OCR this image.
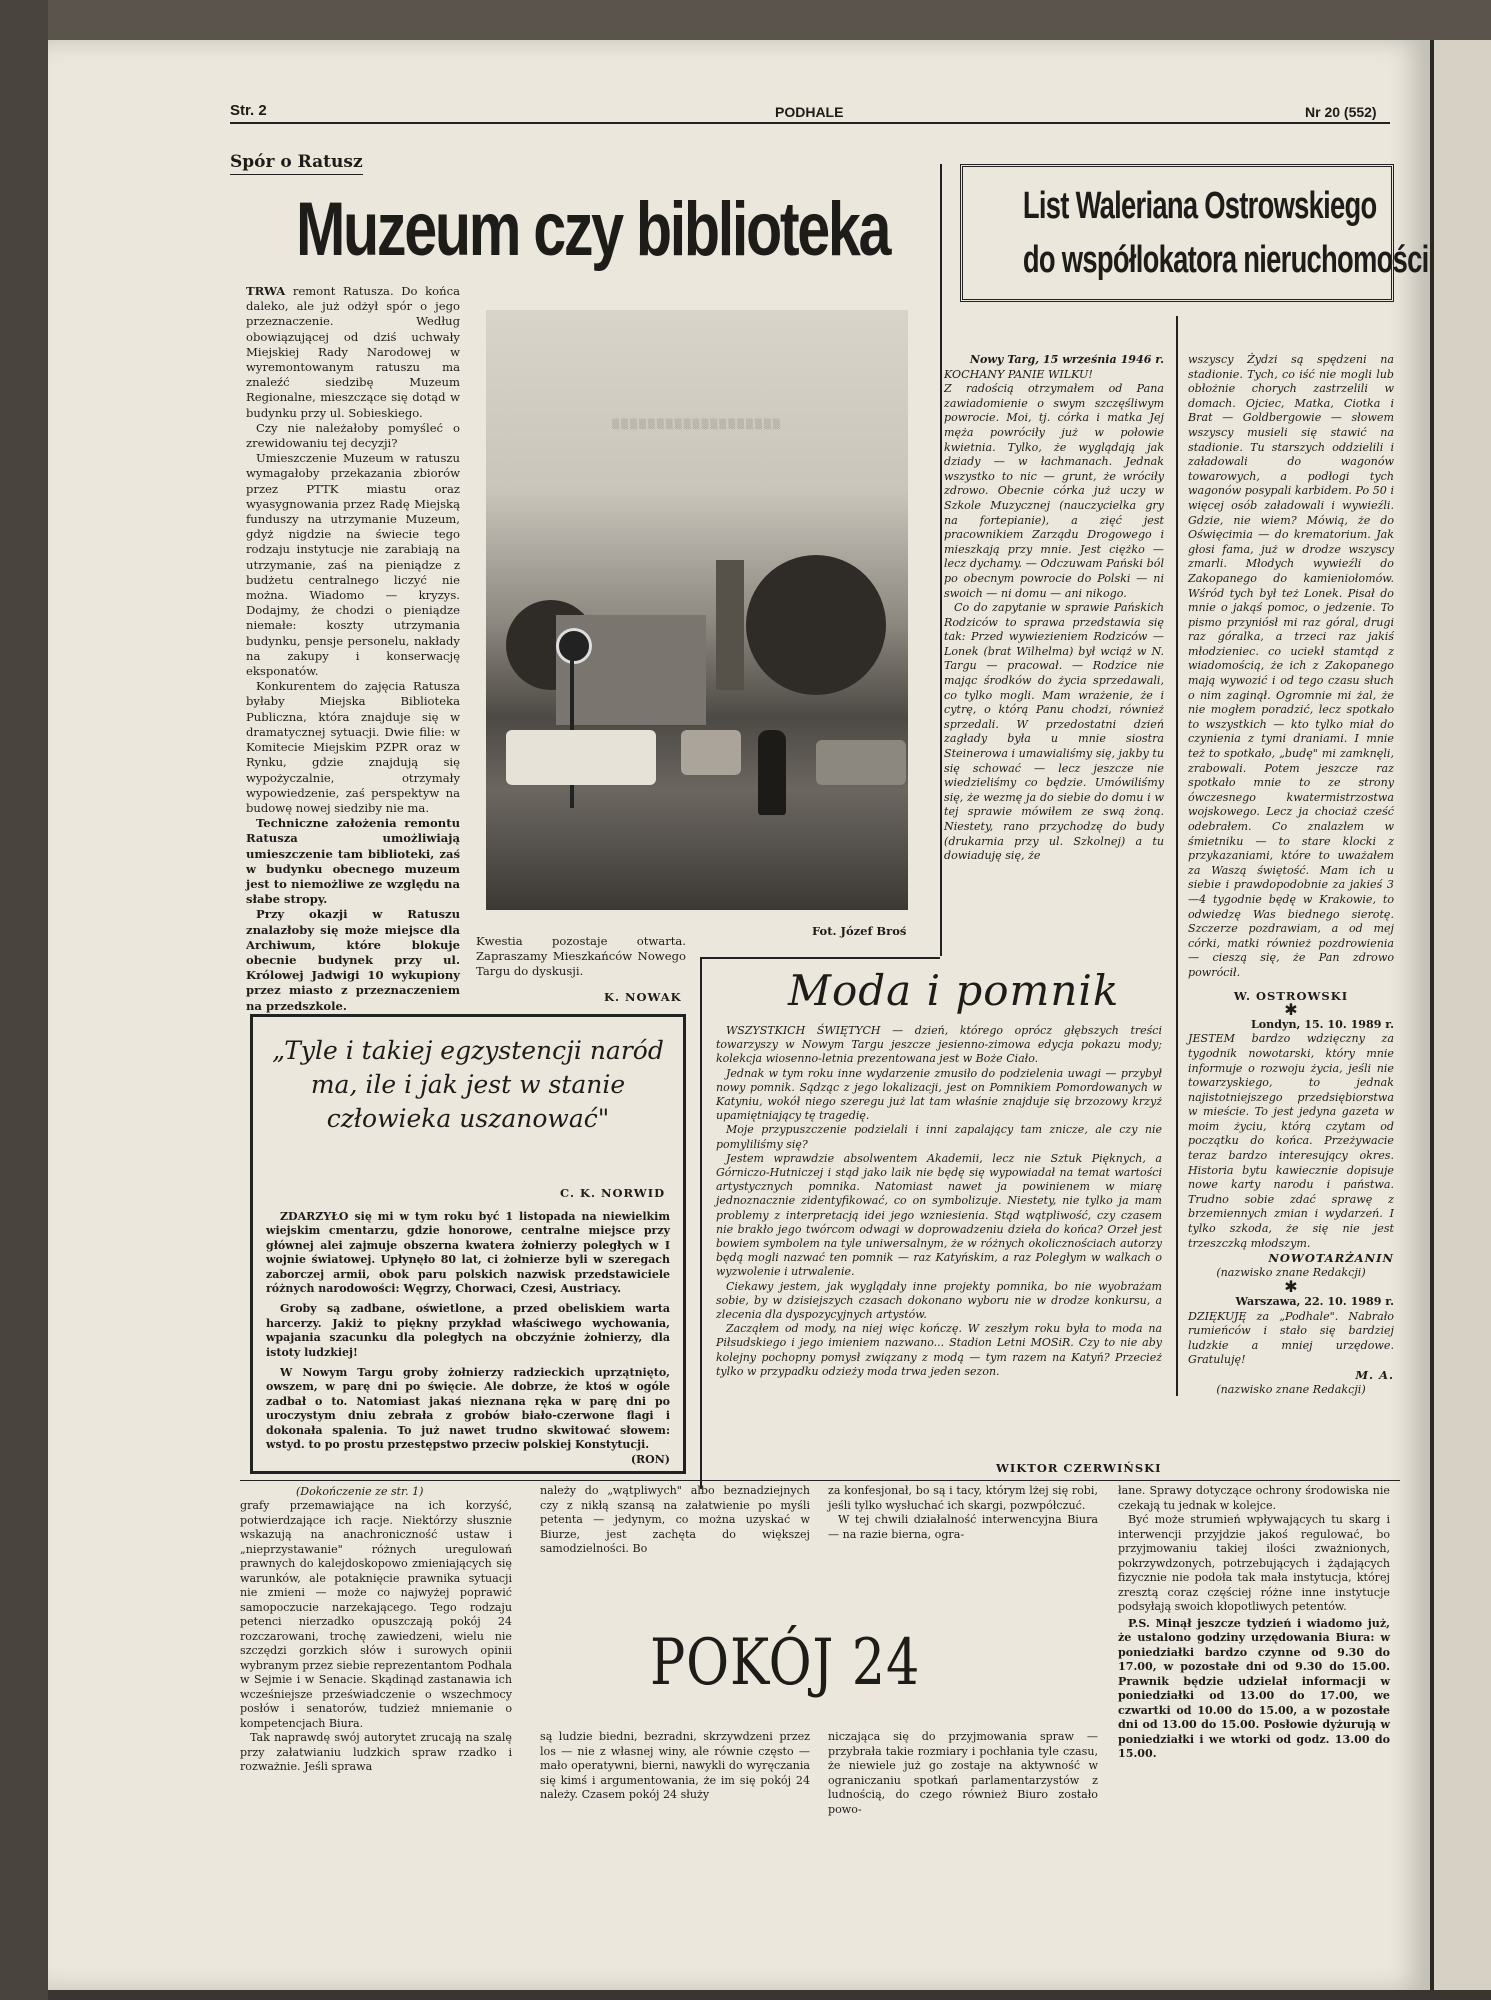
Str. 2	PODHALE	Nr 20 (552)
Spór o Ratusz
Muzeum czy biblioteka

TRWA remont Ratusza. Do końca daleko, ale już odżył spór o jego przeznaczenie. Według obowiązującej od dziś uchwały Miejskiej Rady Narodowej w wyremontowanym ratuszu ma znaleźć siedzibę Muzeum Regionalne, mieszczące się dotąd w budynku przy ul. Sobieskiego.

Czy nie należałoby pomyśleć o zrewidowaniu tej decyzji?

Umieszczenie Muzeum w ratuszu wymagałoby przekazania zbiorów przez PTTK miastu oraz wyasygnowania przez Radę Miejską funduszy na utrzymanie Muzeum, gdyż nigdzie na świecie tego rodzaju instytucje nie zarabiają na utrzymanie, zaś na pieniądze z budżetu centralnego liczyć nie można. Wiadomo — kryzys. Dodajmy, że chodzi o pieniądze niemałe: koszty utrzymania budynku, pensje personelu, nakłady na zakupy i konserwację eksponatów.

Konkurentem do zajęcia Ratusza byłaby Miejska Biblioteka Publiczna, która znajduje się w dramatycznej sytuacji. Dwie filie: w Komitecie Miejskim PZPR oraz w Rynku, gdzie znajdują się wypożyczalnie, otrzymały wypowiedzenie, zaś perspektyw na budowę nowej siedziby nie ma.

Techniczne założenia remontu Ratusza umożliwiają umieszczenie tam biblioteki, zaś w budynku obecnego muzeum jest to niemożliwe ze względu na słabe stropy.

Przy okazji w Ratuszu znalazłoby się może miejsce dla Archiwum, które blokuje obecnie budynek przy ul. Królowej Jadwigi 10 wykupiony przez miasto z przeznaczeniem na przedszkole.

▒▒▒▒▒▒▒▒▒▒▒▒▒▒▒▒▒▒▒
Fot. Józef Broś
Kwestia pozostaje otwarta. Zapraszamy Mieszkańców Nowego Targu do dyskusji.
K. NOWAK
„Tyle i takiej egzystencji naród ma, ile i jak jest w stanie człowieka uszanować"
C. K. NORWID

ZDARZYŁO się mi w tym roku być 1 listopada na niewielkim wiejskim cmentarzu, gdzie honorowe, centralne miejsce przy głównej alei zajmuje obszerna kwatera żołnierzy poległych w I wojnie światowej. Upłynęło 80 lat, ci żołnierze byli w szeregach zaborczej armii, obok paru polskich nazwisk przedstawiciele różnych narodowości: Węgrzy, Chorwaci, Czesi, Austriacy.

Groby są zadbane, oświetlone, a przed obeliskiem warta harcerzy. Jakiż to piękny przykład właściwego wychowania, wpajania szacunku dla poległych na obczyźnie żołnierzy, dla istoty ludzkiej!

W Nowym Targu groby żołnierzy radzieckich uprzątnięto, owszem, w parę dni po święcie. Ale dobrze, że ktoś w ogóle zadbał o to. Natomiast jakaś nieznana ręka w parę dni po uroczystym dniu zebrała z grobów biało-czerwone flagi i dokonała spalenia. To już nawet trudno skwitować słowem: wstyd. to po prostu przestępstwo przeciw polskiej Konstytucji.

(RON)

List Waleriana Ostrowskiego
do współlokatora nieruchomości

Nowy Targ, 15 września 1946 r.

KOCHANY PANIE WILKU!

Z radością otrzymałem od Pana zawiadomienie o swym szczęśliwym powrocie. Moi, tj. córka i matka Jej męża powróciły już w połowie kwietnia. Tylko, że wyglądają jak dziady — w łachmanach. Jednak wszystko to nic — grunt, że wróciły zdrowo. Obecnie córka już uczy w Szkole Muzycznej (nauczycielka gry na fortepianie), a zięć jest pracownikiem Zarządu Drogowego i mieszkają przy mnie. Jest ciężko — lecz dychamy. — Odczuwam Pański ból po obecnym powrocie do Polski — ni swoich — ni domu — ani nikogo.

Co do zapytanie w sprawie Pańskich Rodziców to sprawa przedstawia się tak: Przed wywiezieniem Rodziców — Lonek (brat Wilhelma) był wciąż w N. Targu — pracował. — Rodzice nie mając środków do życia sprzedawali, co tylko mogli. Mam wrażenie, że i cytrę, o którą Panu chodzi, również sprzedali. W przedostatni dzień zagłady była u mnie siostra Steinerowa i umawialiśmy się, jakby tu się schować — lecz jeszcze nie wiedzieliśmy co będzie. Umówiliśmy się, że wezmę ja do siebie do domu i w tej sprawie mówiłem ze swą żoną. Niestety, rano przychodzę do budy (drukarnia przy ul. Szkolnej) a tu dowiaduję się, że

wszyscy Żydzi są spędzeni na stadionie. Tych, co iść nie mogli lub obłożnie chorych zastrzelili w domach. Ojciec, Matka, Ciotka i Brat — Goldbergowie — słowem wszyscy musieli się stawić na stadionie. Tu starszych oddzielili i załadowali do wagonów towarowych, a podłogi tych wagonów posypali karbidem. Po 50 i więcej osób załadowali i wywieźli. Gdzie, nie wiem? Mówią, że do Oświęcimia — do krematorium. Jak głosi fama, już w drodze wszyscy zmarli. Młodych wywieźli do Zakopanego do kamieniołomów. Wśród tych był też Lonek. Pisał do mnie o jakąś pomoc, o jedzenie. To pismo przyniósł mi raz góral, drugi raz góralka, a trzeci raz jakiś młodzieniec. co uciekł stamtąd z wiadomością, że ich z Zakopanego mają wywozić i od tego czasu słuch o nim zaginął. Ogromnie mi żal, że nie mogłem poradzić, lecz spotkało to wszystkich — kto tylko miał do czynienia z tymi draniami. I mnie też to spotkało, „budę" mi zamknęli, zrabowali. Potem jeszcze raz spotkało mnie to ze strony ówczesnego kwatermistrzostwa wojskowego. Lecz ja chociaż cześć odebrałem. Co znalazłem w śmietniku — to stare klocki z przykazaniami, które to uważałem za Waszą świętość. Mam ich u siebie i prawdopodobnie za jakieś 3—4 tygodnie będę w Krakowie, to odwiedzę Was biednego sierotę. Szczerze pozdrawiam, a od mej córki, matki również pozdrowienia — cieszą się, że Pan zdrowo powrócił.

W. OSTROWSKI

✱

Londyn, 15. 10. 1989 r.

JESTEM bardzo wdzięczny za tygodnik nowotarski, który mnie informuje o rozwoju życia, jeśli nie towarzyskiego, to jednak najistotniejszego przedsiębiorstwa w mieście. To jest jedyna gazeta w moim życiu, którą czytam od początku do końca. Przeżywacie teraz bardzo interesujący okres. Historia bytu kawiecznie dopisuje nowe karty narodu i państwa. Trudno sobie zdać sprawę z brzemiennych zmian i wydarzeń. I tylko szkoda, że się nie jest trzeszczką młodszym.

NOWOTARŻANIN

(nazwisko znane Redakcji)

✱

Warszawa, 22. 10. 1989 r.

DZIĘKUJĘ za „Podhale". Nabrało rumieńców i stało się bardziej ludzkie a mniej urzędowe. Gratuluję!

M. A.

(nazwisko znane Redakcji)

Moda i pomnik

WSZYSTKICH ŚWIĘTYCH — dzień, którego oprócz głębszych treści towarzyszy w Nowym Targu jeszcze jesienno-zimowa edycja pokazu mody; kolekcja wiosenno-letnia prezentowana jest w Boże Ciało.

Jednak w tym roku inne wydarzenie zmusiło do podzielenia uwagi — przybył nowy pomnik. Sądząc z jego lokalizacji, jest on Pomnikiem Pomordowanych w Katyniu, wokół niego szeregu już lat tam właśnie znajduje się brzozowy krzyż upamiętniający tę tragedię.

Moje przypuszczenie podzielali i inni zapalający tam znicze, ale czy nie pomyliliśmy się?

Jestem wprawdzie absolwentem Akademii, lecz nie Sztuk Pięknych, a Górniczo-Hutniczej i stąd jako laik nie będę się wypowiadał na temat wartości artystycznych pomnika. Natomiast nawet ja powinienem w miarę jednoznacznie zidentyfikować, co on symbolizuje. Niestety, nie tylko ja mam problemy z interpretacją idei jego wzniesienia. Stąd wątpliwość, czy czasem nie brakło jego twórcom odwagi w doprowadzeniu dzieła do końca? Orzeł jest bowiem symbolem na tyle uniwersalnym, że w różnych okolicznościach autorzy będą mogli nazwać ten pomnik — raz Katyńskim, a raz Poległym w walkach o wyzwolenie i utrwalenie.

Ciekawy jestem, jak wyglądały inne projekty pomnika, bo nie wyobrażam sobie, by w dzisiejszych czasach dokonano wyboru nie w drodze konkursu, a zlecenia dla dyspozycyjnych artystów.

Zacząłem od mody, na niej więc kończę. W zeszłym roku była to moda na Piłsudskiego i jego imieniem nazwano... Stadion Letni MOSiR. Czy to nie aby kolejny pochopny pomysł związany z modą — tym razem na Katyń? Przecież tylko w przypadku odzieży moda trwa jeden sezon.

WIKTOR CZERWIŃSKI
(Dokończenie ze str. 1)

grafy przemawiające na ich korzyść, potwierdzające ich racje. Niektórzy słusznie wskazują na anachroniczność ustaw i „nieprzystawanie" różnych uregulowań prawnych do kalejdoskopowo zmieniających się warunków, ale potaknięcie prawnika sytuacji nie zmieni — może co najwyżej poprawić samopoczucie narzekającego. Tego rodzaju petenci nierzadko opuszczają pokój 24 rozczarowani, trochę zawiedzeni, wielu nie szczędzi gorzkich słów i surowych opinii wybranym przez siebie reprezentantom Podhala w Sejmie i w Senacie. Skądinąd zastanawia ich wcześniejsze przeświadczenie o wszechmocy posłów i senatorów, tudzież mniemanie o kompetencjach Biura.

Tak naprawdę swój autorytet zrucają na szalę przy załatwianiu ludzkich spraw rzadko i rozważnie. Jeśli sprawa

należy do „wątpliwych" albo beznadziejnych czy z nikłą szansą na załatwienie po myśli petenta — jedynym, co można uzyskać w Biurze, jest zachęta do większej samodzielności. Bo

za konfesjonał, bo są i tacy, którym lżej się robi, jeśli tylko wysłuchać ich skargi, pozwpółczuć.

W tej chwili działalność interwencyjna Biura — na razie bierna, ogra-

POKÓJ 24
są ludzie biedni, bezradni, skrzywdzeni przez los — nie z własnej winy, ale równie często — mało operatywni, bierni, nawykli do wyręczania się kimś i argumentowania, że im się pokój 24 należy. Czasem pokój 24 służy
niczająca się do przyjmowania spraw — przybrała takie rozmiary i pochłania tyle czasu, że niewiele już go zostaje na aktywność w ograniczaniu spotkań parlamentarzystów z ludnością, do czego również Biuro zostało powo-

łane. Sprawy dotyczące ochrony środowiska nie czekają tu jednak w kolejce.

Być może strumień wpływających tu skarg i interwencji przyjdzie jakoś regulować, bo przyjmowaniu takiej ilości zważnionych, pokrzywdzonych, potrzebujących i żądających fizycznie nie podoła tak mała instytucja, której zresztą coraz częściej różne inne instytucje podsyłają swoich kłopotliwych petentów.

P.S. Minął jeszcze tydzień i wiadomo już, że ustalono godziny urzędowania Biura: w poniedziałki bardzo czynne od 9.30 do 17.00, w pozostałe dni od 9.30 do 15.00. Prawnik będzie udzielał informacji w poniedziałki od 13.00 do 17.00, we czwartki od 10.00 do 15.00, a w pozostałe dni od 13.00 do 15.00. Posłowie dyżurują w poniedziałki i we wtorki od godz. 13.00 do 15.00.
